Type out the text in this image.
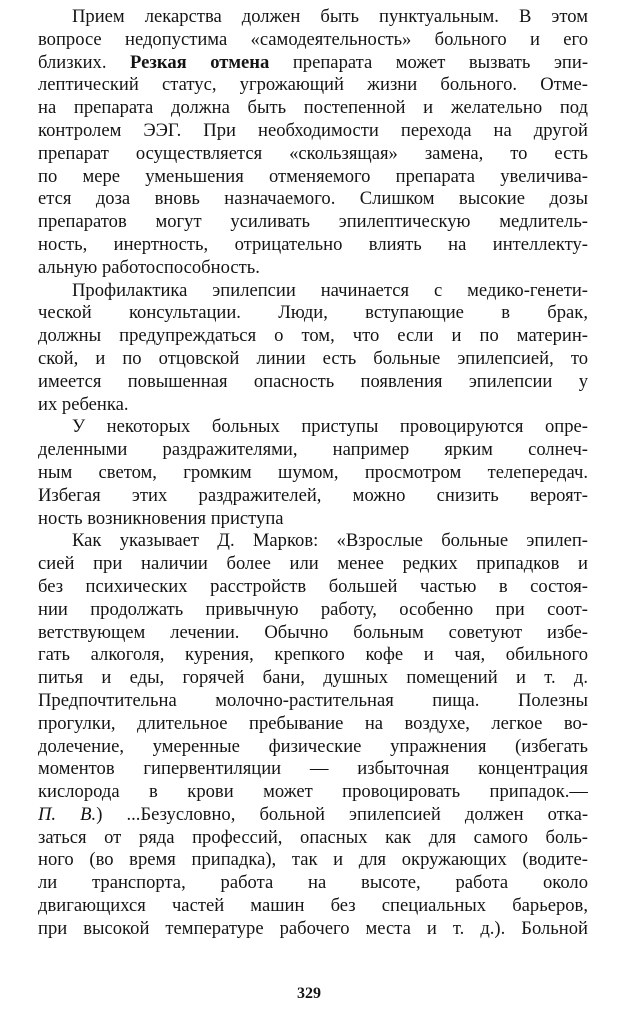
Прием лекарства должен быть пунктуальным. В этом
вопросе недопустима «самодеятельность» больного и его
близких. Резкая отмена препарата может вызвать эпи-
лептический статус, угрожающий жизни больного. Отме-
на препарата должна быть постепенной и желательно под
контролем ЭЭГ. При необходимости перехода на другой
препарат осуществляется «скользящая» замена, то есть
по мере уменьшения отменяемого препарата увеличива-
ется доза вновь назначаемого. Слишком высокие дозы
препаратов могут усиливать эпилептическую медлитель-
ность, инертность, отрицательно влиять на интеллекту-
альную работоспособность.
Профилактика эпилепсии начинается с медико-генети-
ческой консультации. Люди, вступающие в брак,
должны предупреждаться о том, что если и по материн-
ской, и по отцовской линии есть больные эпилепсией, то
имеется повышенная опасность появления эпилепсии у
их ребенка.
У некоторых больных приступы провоцируются опре-
деленными раздражителями, например ярким солнеч-
ным светом, громким шумом, просмотром телепередач.
Избегая этих раздражителей, можно снизить вероят-
ность возникновения приступа
Как указывает Д. Марков: «Взрослые больные эпилеп-
сией при наличии более или менее редких припадков и
без психических расстройств большей частью в состоя-
нии продолжать привычную работу, особенно при соот-
ветствующем лечении. Обычно больным советуют избе-
гать алкоголя, курения, крепкого кофе и чая, обильного
питья и еды, горячей бани, душных помещений и т. д.
Предпочтительна молочно-растительная пища. Полезны
прогулки, длительное пребывание на воздухе, легкое во-
долечение, умеренные физические упражнения (избегать
моментов гипервентиляции — избыточная концентрация
кислорода в крови может провоцировать припадок.—
П. В.) ...Безусловно, больной эпилепсией должен отка-
заться от ряда профессий, опасных как для самого боль-
ного (во время припадка), так и для окружающих (водите-
ли транспорта, работа на высоте, работа около
двигающихся частей машин без специальных барьеров,
при высокой температуре рабочего места и т. д.). Больной
329
